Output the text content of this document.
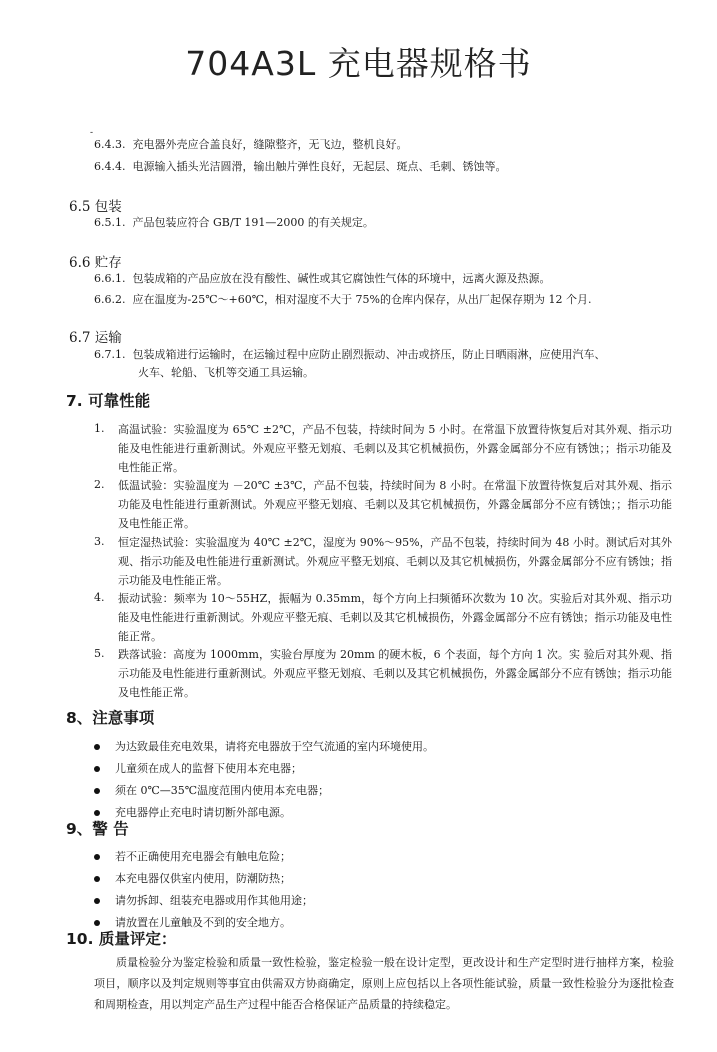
704A3L 充电器规格书
-
6.4.3. 充电器外壳应合盖良好，缝隙整齐，无飞边，整机良好。
6.4.4. 电源输入插头光洁圆滑，输出触片弹性良好，无起层、斑点、毛刺、锈蚀等。
6.5 包装
6.5.1. 产品包装应符合 GB/T 191—2000 的有关规定。
6.6 贮存
6.6.1. 包装成箱的产品应放在没有酸性、碱性或其它腐蚀性气体的环境中，远离火源及热源。
6.6.2. 应在温度为-25℃～+60℃，相对湿度不大于 75%的仓库内保存，从出厂起保存期为 12 个月.
6.7 运输
6.7.1. 包装成箱进行运输时，在运输过程中应防止剧烈振动、冲击或挤压，防止日晒雨淋，应使用汽车、
火车、轮船、飞机等交通工具运输。
7. 可靠性能
1. 高温试验：实验温度为 65℃ ±2℃，产品不包装，持续时间为 5 小时。在常温下放置待恢复后对其外观、指示功能及电性能进行重新测试。外观应平整无划痕、毛刺以及其它机械损伤，外露金属部分不应有锈蚀；；指示功能及电性能正常。
2. 低温试验：实验温度为 －20℃ ±3℃，产品不包装，持续时间为 8 小时。在常温下放置待恢复后对其外观、指示功能及电性能进行重新测试。外观应平整无划痕、毛刺以及其它机械损伤，外露金属部分不应有锈蚀；；指示功能及电性能正常。
3. 恒定湿热试验：实验温度为 40℃ ±2℃，湿度为 90%～95%，产品不包装，持续时间为 48 小时。测试后对其外观、指示功能及电性能进行重新测试。外观应平整无划痕、毛刺以及其它机械损伤，外露金属部分不应有锈蚀；指示功能及电性能正常。
4. 振动试验：频率为 10～55HZ，振幅为 0.35mm，每个方向上扫频循环次数为 10 次。实验后对其外观、指示功能及电性能进行重新测试。外观应平整无痕、毛刺以及其它机械损伤，外露金属部分不应有锈蚀；指示功能及电性能正常。
5. 跌落试验：高度为 1000mm，实验台厚度为 20mm 的硬木板，6 个表面，每个方向 1 次。实 验后对其外观、指示功能及电性能进行重新测试。外观应平整无划痕、毛刺以及其它机械损伤，外露金属部分不应有锈蚀；指示功能及电性能正常。
8、注意事项
为达致最佳充电效果，请将充电器放于空气流通的室内环境使用。
儿童须在成人的监督下使用本充电器；
须在 0℃—35℃温度范围内使用本充电器；
充电器停止充电时请切断外部电源。
9、警 告
若不正确使用充电器会有触电危险；
本充电器仅供室内使用，防潮防热；
请勿拆卸、组装充电器或用作其他用途；
请放置在儿童触及不到的安全地方。
10. 质量评定：
质量检验分为鉴定检验和质量一致性检验，鉴定检验一般在设计定型，更改设计和生产定型时进行抽样方案，检验项目，顺序以及判定规则等事宜由供需双方协商确定，原则上应包括以上各项性能试验，质量一致性检验分为逐批检查和周期检查，用以判定产品生产过程中能否合格保证产品质量的持续稳定。
